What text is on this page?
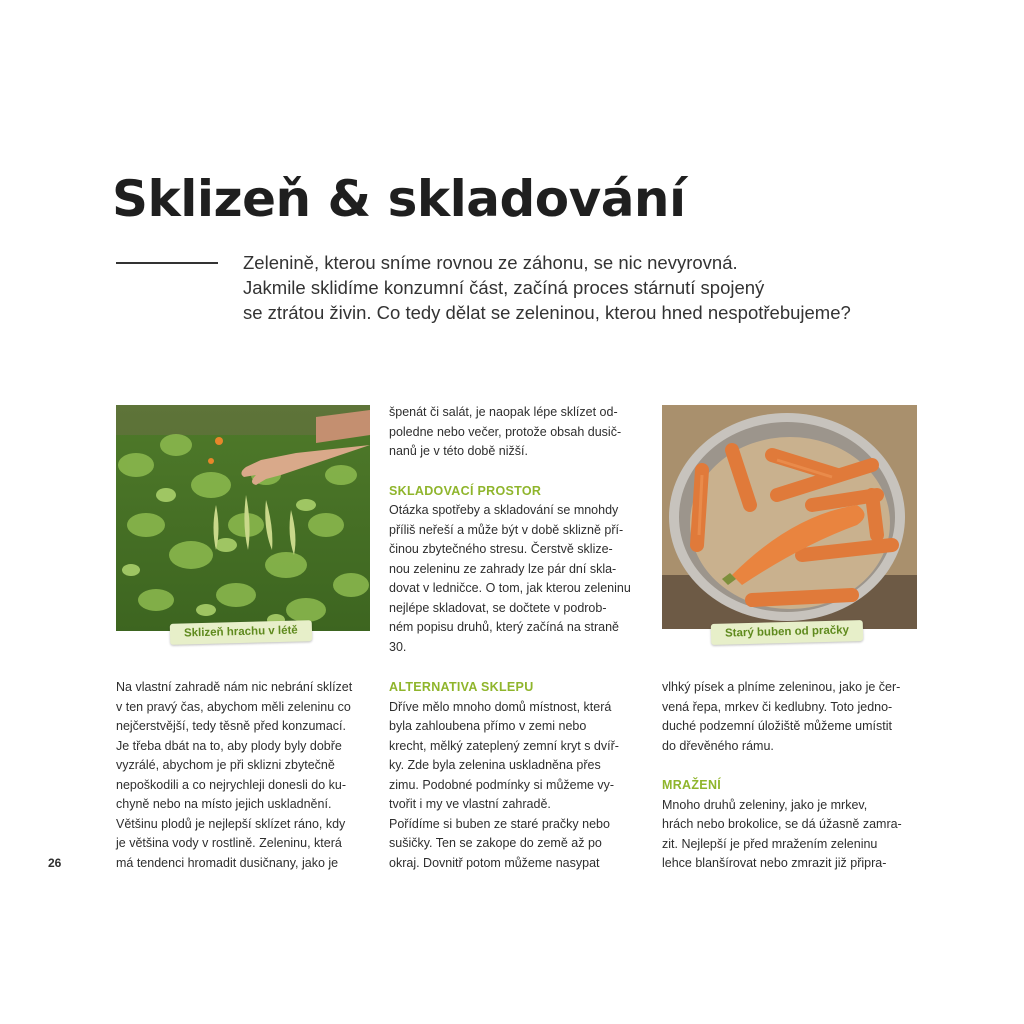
Sklizeň & skladování

Zelenině, kterou sníme rovnou ze záhonu, se nic nevyrovná.

Jakmile sklidíme konzumní část, začíná proces stárnutí spojený

se ztrátou živin. Co tedy dělat se zeleninou, kterou hned nespotřebujeme?

Sklizeň hrachu v létě	Starý buben od pračky

špenát či salát, je naopak lépe sklízet od-

poledne nebo večer, protože obsah dusič-

nanů je v této době nižší.

SKLADOVACÍ PROSTOR

Otázka spotřeby a skladování se mnohdy

příliš neřeší a může být v době sklizně pří-

činou zbytečného stresu. Čerstvě sklize-

nou zeleninu ze zahrady lze pár dní skla-

dovat v ledničce. O tom, jak kterou zeleninu

nejlépe skladovat, se dočtete v podrob-

ném popisu druhů, který začíná na straně

30.

Na vlastní zahradě nám nic nebrání sklízet

v ten pravý čas, abychom měli zeleninu co

nejčerstvější, tedy těsně před konzumací.

Je třeba dbát na to, aby plody byly dobře

vyzrálé, abychom je při sklizni zbytečně

nepoškodili a co nejrychleji donesli do ku-

chyně nebo na místo jejich uskladnění.

Většinu plodů je nejlepší sklízet ráno, kdy

je většina vody v rostlině. Zeleninu, která

má tendenci hromadit dusičnany, jako je

ALTERNATIVA SKLEPU

Dříve mělo mnoho domů místnost, která

byla zahloubena přímo v zemi nebo

krecht, mělký zateplený zemní kryt s dvíř-

ky. Zde byla zelenina uskladněna přes

zimu. Podobné podmínky si můžeme vy-

tvořit i my ve vlastní zahradě.

Pořídíme si buben ze staré pračky nebo

sušičky. Ten se zakope do země až po

okraj. Dovnitř potom můžeme nasypat

vlhký písek a plníme zeleninou, jako je čer-

vená řepa, mrkev či kedlubny. Toto jedno-

duché podzemní úložiště můžeme umístit

do dřevěného rámu.

MRAŽENÍ

Mnoho druhů zeleniny, jako je mrkev,

hrách nebo brokolice, se dá úžasně zamra-

zit. Nejlepší je před mražením zeleninu

lehce blanšírovat nebo zmrazit již připra-

26
